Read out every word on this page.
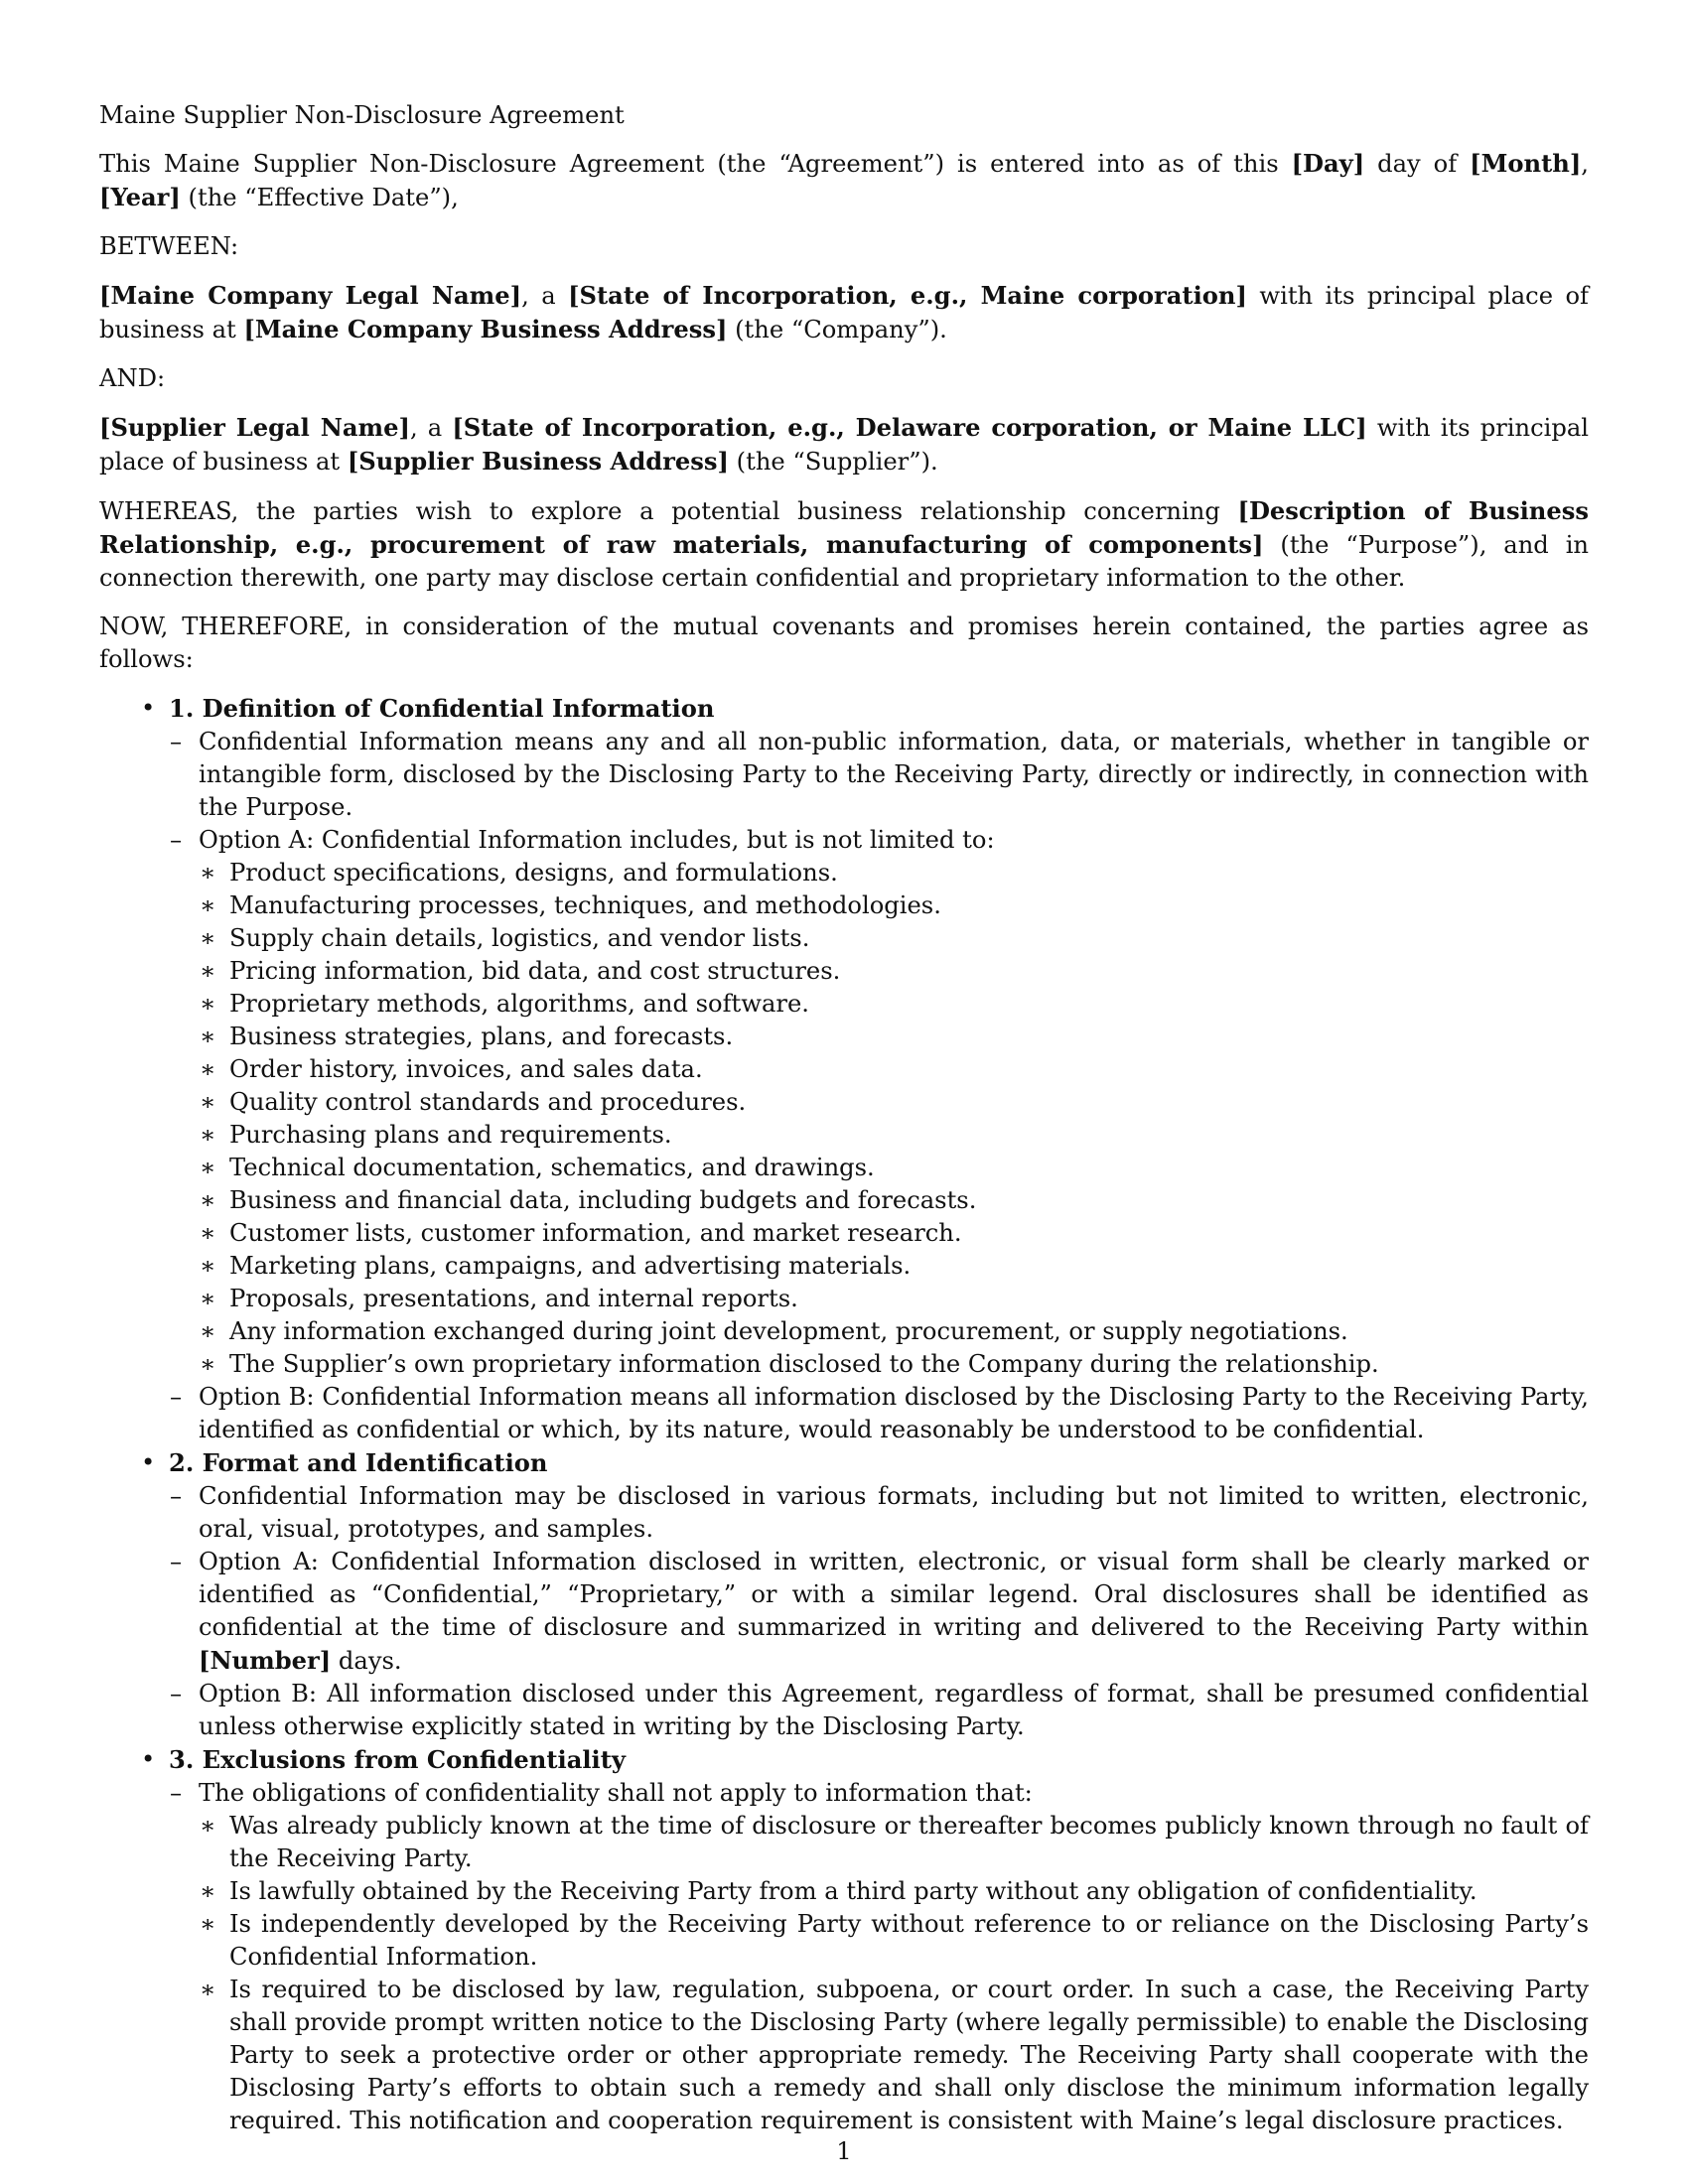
Maine Supplier Non-Disclosure Agreement

This Maine Supplier Non-Disclosure Agreement (the “Agreement”) is entered into as of this [Day] day of [Month], [Year] (the “Effective Date”),

BETWEEN:

[Maine Company Legal Name], a [State of Incorporation, e.g., Maine corporation] with its principal place of business at [Maine Company Business Address] (the “Company”).

AND:

[Supplier Legal Name], a [State of Incorporation, e.g., Delaware corporation, or Maine LLC] with its principal place of business at [Supplier Business Address] (the “Supplier”).

WHEREAS, the parties wish to explore a potential business relationship concerning [Description of Business Relationship, e.g., procurement of raw materials, manufacturing of components] (the “Purpose”), and in connection therewith, one party may disclose certain confidential and proprietary information to the other.

NOW, THEREFORE, in consideration of the mutual covenants and promises herein contained, the parties agree as follows:

• 1. Definition of Confidential Information
– Confidential Information means any and all non-public information, data, or materials, whether in tangible or intangible form, disclosed by the Disclosing Party to the Receiving Party, directly or indirectly, in connection with the Purpose.
– Option A: Confidential Information includes, but is not limited to:
∗ Product specifications, designs, and formulations.
∗ Manufacturing processes, techniques, and methodologies.
∗ Supply chain details, logistics, and vendor lists.
∗ Pricing information, bid data, and cost structures.
∗ Proprietary methods, algorithms, and software.
∗ Business strategies, plans, and forecasts.
∗ Order history, invoices, and sales data.
∗ Quality control standards and procedures.
∗ Purchasing plans and requirements.
∗ Technical documentation, schematics, and drawings.
∗ Business and financial data, including budgets and forecasts.
∗ Customer lists, customer information, and market research.
∗ Marketing plans, campaigns, and advertising materials.
∗ Proposals, presentations, and internal reports.
∗ Any information exchanged during joint development, procurement, or supply negotiations.
∗ The Supplier’s own proprietary information disclosed to the Company during the relationship.
– Option B: Confidential Information means all information disclosed by the Disclosing Party to the Receiving Party, identified as confidential or which, by its nature, would reasonably be understood to be confidential.
• 2. Format and Identification
– Confidential Information may be disclosed in various formats, including but not limited to written, electronic, oral, visual, prototypes, and samples.
– Option A: Confidential Information disclosed in written, electronic, or visual form shall be clearly marked or identified as “Confidential,” “Proprietary,” or with a similar legend. Oral disclosures shall be identified as confidential at the time of disclosure and summarized in writing and delivered to the Receiving Party within [Number] days.
– Option B: All information disclosed under this Agreement, regardless of format, shall be presumed confidential unless otherwise explicitly stated in writing by the Disclosing Party.
• 3. Exclusions from Confidentiality
– The obligations of confidentiality shall not apply to information that:
∗ Was already publicly known at the time of disclosure or thereafter becomes publicly known through no fault of the Receiving Party.
∗ Is lawfully obtained by the Receiving Party from a third party without any obligation of confidentiality.
∗ Is independently developed by the Receiving Party without reference to or reliance on the Disclosing Party’s Confidential Information.
∗ Is required to be disclosed by law, regulation, subpoena, or court order. In such a case, the Receiving Party shall provide prompt written notice to the Disclosing Party (where legally permissible) to enable the Disclosing Party to seek a protective order or other appropriate remedy. The Receiving Party shall cooperate with the Disclosing Party’s efforts to obtain such a remedy and shall only disclose the minimum information legally required. This notification and cooperation requirement is consistent with Maine’s legal disclosure practices.
1
